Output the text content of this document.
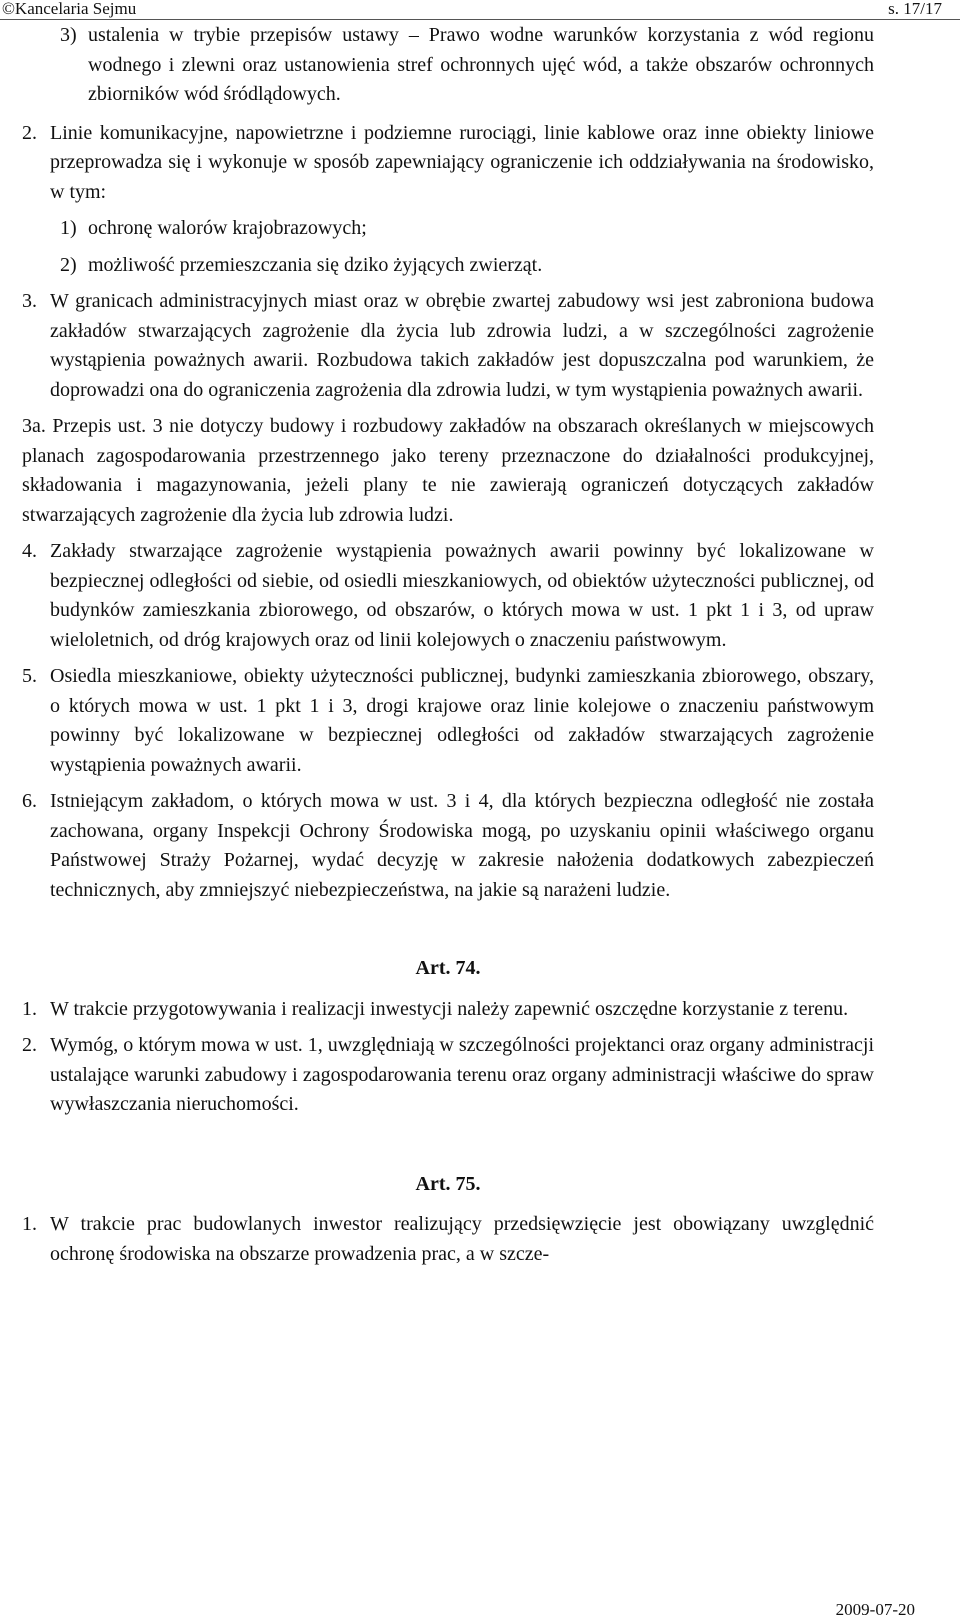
©Kancelaria Sejmu	s. 17/17
3) ustalenia w trybie przepisów ustawy – Prawo wodne warunków korzystania z wód regionu wodnego i zlewni oraz ustanowienia stref ochronnych ujęć wód, a także obszarów ochronnych zbiorników wód śródlądowych.
2. Linie komunikacyjne, napowietrzne i podziemne rurociągi, linie kablowe oraz inne obiekty liniowe przeprowadza się i wykonuje w sposób zapewniający ograniczenie ich oddziaływania na środowisko, w tym:
1) ochronę walorów krajobrazowych;
2) możliwość przemieszczania się dziko żyjących zwierząt.
3. W granicach administracyjnych miast oraz w obrębie zwartej zabudowy wsi jest zabroniona budowa zakładów stwarzających zagrożenie dla życia lub zdrowia ludzi, a w szczególności zagrożenie wystąpienia poważnych awarii. Rozbudowa takich zakładów jest dopuszczalna pod warunkiem, że doprowadzi ona do ograniczenia zagrożenia dla zdrowia ludzi, w tym wystąpienia poważnych awarii.
3a. Przepis ust. 3 nie dotyczy budowy i rozbudowy zakładów na obszarach określanych w miejscowych planach zagospodarowania przestrzennego jako tereny przeznaczone do działalności produkcyjnej, składowania i magazynowania, jeżeli plany te nie zawierają ograniczeń dotyczących zakładów stwarzających zagrożenie dla życia lub zdrowia ludzi.
4. Zakłady stwarzające zagrożenie wystąpienia poważnych awarii powinny być lokalizowane w bezpiecznej odległości od siebie, od osiedli mieszkaniowych, od obiektów użyteczności publicznej, od budynków zamieszkania zbiorowego, od obszarów, o których mowa w ust. 1 pkt 1 i 3, od upraw wieloletnich, od dróg krajowych oraz od linii kolejowych o znaczeniu państwowym.
5. Osiedla mieszkaniowe, obiekty użyteczności publicznej, budynki zamieszkania zbiorowego, obszary, o których mowa w ust. 1 pkt 1 i 3, drogi krajowe oraz linie kolejowe o znaczeniu państwowym powinny być lokalizowane w bezpiecznej odległości od zakładów stwarzających zagrożenie wystąpienia poważnych awarii.
6. Istniejącym zakładom, o których mowa w ust. 3 i 4, dla których bezpieczna odległość nie została zachowana, organy Inspekcji Ochrony Środowiska mogą, po uzyskaniu opinii właściwego organu Państwowej Straży Pożarnej, wydać decyzję w zakresie nałożenia dodatkowych zabezpieczeń technicznych, aby zmniejszyć niebezpieczeństwa, na jakie są narażeni ludzie.
Art. 74.
1. W trakcie przygotowywania i realizacji inwestycji należy zapewnić oszczędne korzystanie z terenu.
2. Wymóg, o którym mowa w ust. 1, uwzględniają w szczególności projektanci oraz organy administracji ustalające warunki zabudowy i zagospodarowania terenu oraz organy administracji właściwe do spraw wywłaszczania nieruchomości.
Art. 75.
1. W trakcie prac budowlanych inwestor realizujący przedsięwzięcie jest obowiązany uwzględnić ochronę środowiska na obszarze prowadzenia prac, a w szcze-
2009-07-20
